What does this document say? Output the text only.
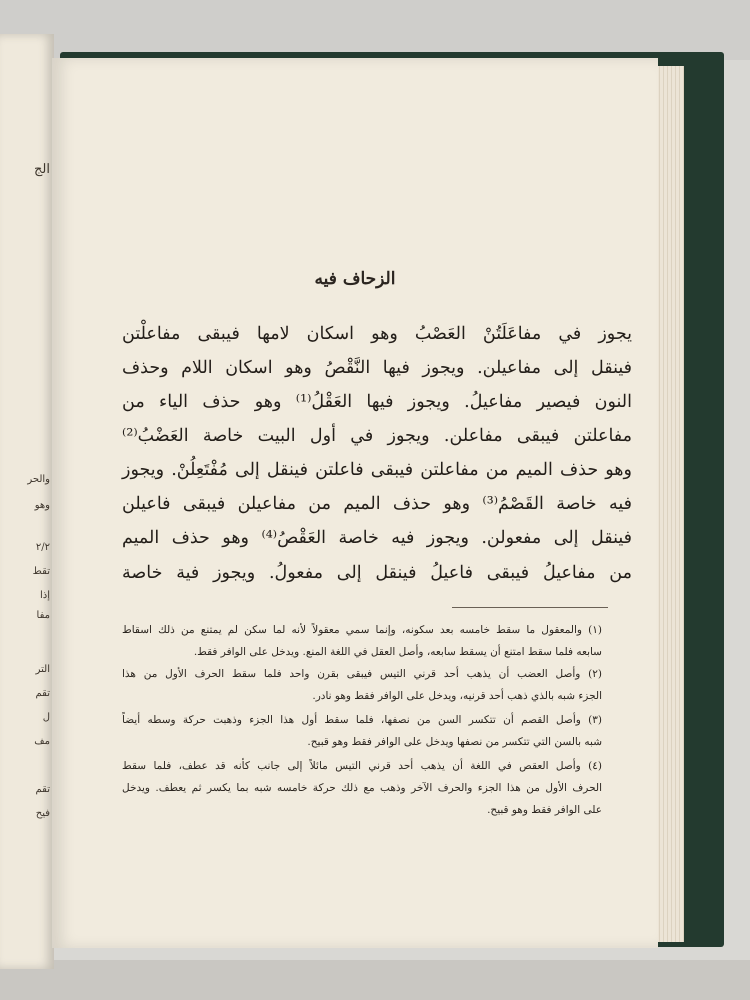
الج
والحر
وهو
٢/٢
تقط
إذا
مفا
التر
تقم
ل
مف
تقم
فيح
الزحاف فيه
يجوز في مفاعَلَتُنْ العَصْبُ وهو اسكان لامها فيبقى مفاعلْتن
فينقل إلى مفاعيلن. ويجوز فيها النَّقْصُ وهو اسكان اللام وحذف
النون فيصير مفاعيلُ. ويجوز فيها العَقْلُ⁽¹⁾ وهو حذف الياء من
مفاعلتن فيبقى مفاعلن. ويجوز في أول البيت خاصة العَضْبُ⁽²⁾
وهو حذف الميم من مفاعلتن فيبقى فاعلتن فينقل إلى مُفْتَعِلُنْ. ويجوز
فيه خاصة القَصْمُ⁽³⁾ وهو حذف الميم من مفاعيلن فيبقى فاعيلن
فينقل إلى مفعولن. ويجوز فيه خاصة العَقْصُ⁽⁴⁾ وهو حذف الميم
من مفاعيلُ فيبقى فاعيلُ فينقل إلى مفعولُ. ويجوز فية خاصة
(١) والمعقول ما سقط خامسه بعد سكونه، وإنما سمي معقولاً لأنه لما سكن لم يمتنع من ذلك اسقاط
سابعه فلما سقط امتنع أن يسقط سابعه، وأصل العقل في اللغة المنع. ويدخل على الوافر فقط.
(٢) وأصل العضب أن يذهب أحد قرني التيس فيبقى بقرن واحد فلما سقط الحرف الأول من هذا
الجزء شبه بالذي ذهب أحد قرنيه، ويدخل على الوافر فقط وهو نادر.
(٣) وأصل القصم أن تتكسر السن من نصفها، فلما سقط أول هذا الجزء وذهبت حركة وسطه أيضاً
شبه بالسن التي تتكسر من نصفها ويدخل على الوافر فقط وهو قبيح.
(٤) وأصل العقص في اللغة أن يذهب أحد قرني التيس مائلاً إلى جانب كأنه قد عطف، فلما سقط
الحرف الأول من هذا الجزء والحرف الآخر وذهب مع ذلك حركة خامسه شبه بما يكسر ثم يعطف. ويدخل
على الوافر فقط وهو قبيح.
